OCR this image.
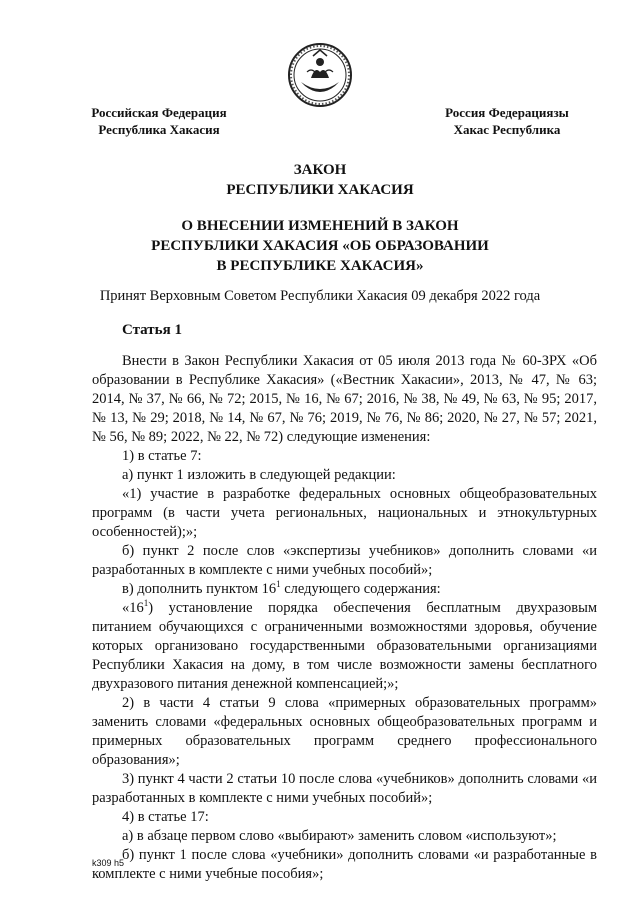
Российская Федерация
Республика Хакасия
Россия Федерациязы
Хакас Республика
ЗАКОН
РЕСПУБЛИКИ ХАКАСИЯ
О ВНЕСЕНИИ ИЗМЕНЕНИЙ В ЗАКОН
РЕСПУБЛИКИ ХАКАСИЯ «ОБ ОБРАЗОВАНИИ
В РЕСПУБЛИКЕ ХАКАСИЯ»
Принят Верховным Советом Республики Хакасия 09 декабря 2022 года
Статья 1

Внести в Закон Республики Хакасия от 05 июля 2013 года № 60-ЗРХ «Об образовании в Республике Хакасия» («Вестник Хакасии», 2013, № 47, № 63; 2014, № 37, № 66, № 72; 2015, № 16, № 67; 2016, № 38, № 49, № 63, № 95; 2017, № 13, № 29; 2018, № 14, № 67, № 76; 2019, № 76, № 86; 2020, № 27, № 57; 2021, № 56, № 89; 2022, № 22, № 72) следующие изменения:

1) в статье 7:

а) пункт 1 изложить в следующей редакции:

«1) участие в разработке федеральных основных общеобразовательных программ (в части учета региональных, национальных и этнокультурных особенностей);»;

б) пункт 2 после слов «экспертизы учебников» дополнить словами «и разработанных в комплекте с ними учебных пособий»;

в) дополнить пунктом $16^1$ следующего содержания:

«$16^1$) установление порядка обеспечения бесплатным двухразовым питанием обучающихся с ограниченными возможностями здоровья, обучение которых организовано государственными образовательными организациями Республики Хакасия на дому, в том числе возможности замены бесплатного двухразового питания денежной компенсацией;»;

2) в части 4 статьи 9 слова «примерных образовательных программ» заменить словами «федеральных основных общеобразовательных программ и примерных образовательных программ среднего профессионального образования»;

3) пункт 4 части 2 статьи 10 после слова «учебников» дополнить словами «и разработанных в комплекте с ними учебных пособий»;

4) в статье 17:

а) в абзаце первом слово «выбирают» заменить словом «используют»;

б) пункт 1 после слова «учебники» дополнить словами «и разработанные в комплекте с ними учебные пособия»;

k309 h5
